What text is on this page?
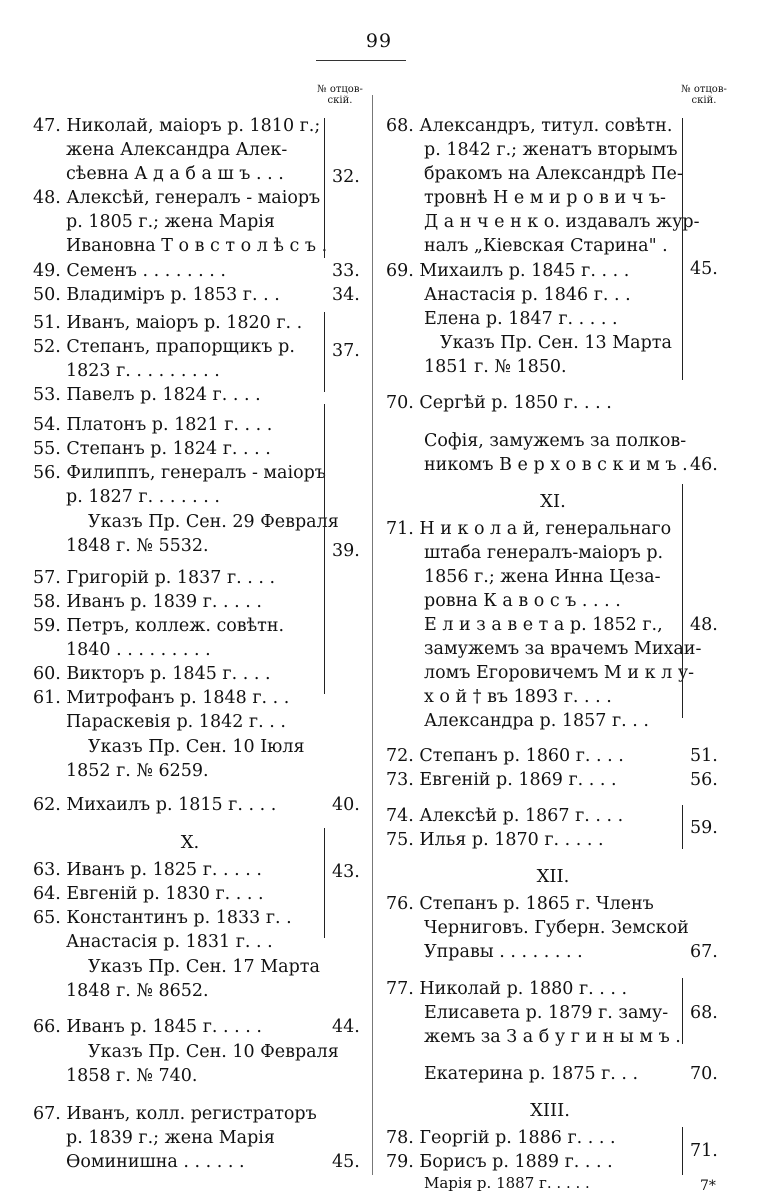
99
№ отцов-
скій.
№ отцов-
скій.
47. Николай, маіоръ р. 1810 г.;
жена Александра Алек-
сѣевна А д а б а ш ъ . . .
48. Алексѣй, генералъ - маіоръ
р. 1805 г.; жена Марія
Ивановна Т о в с т о л ѣ с ъ .
49. Семенъ . . . . . . . .
50. Владиміръ р. 1853 г. . .
51. Иванъ, маіоръ р. 1820 г. .
52. Степанъ, прапорщикъ р.
1823 г. . . . . . . . .
53. Павелъ р. 1824 г. . . .
54. Платонъ р. 1821 г. . . .
55. Степанъ р. 1824 г. . . .
56. Филиппъ, генералъ - маіоръ
р. 1827 г. . . . . . .
Указъ Пр. Сен. 29 Февраля
1848 г. № 5532.
57. Григорій р. 1837 г. . . .
58. Иванъ р. 1839 г. . . . .
59. Петръ, коллеж. совѣтн.
1840 . . . . . . . . .
60. Викторъ р. 1845 г. . . .
61. Митрофанъ р. 1848 г. . .
Параскевія р. 1842 г. . .
Указъ Пр. Сен. 10 Іюля
1852 г. № 6259.
62. Михаилъ р. 1815 г. . . .
X.
63. Иванъ р. 1825 г. . . . .
64. Евгеній р. 1830 г. . . .
65. Константинъ р. 1833 г. .
Анастасія р. 1831 г. . .
Указъ Пр. Сен. 17 Марта
1848 г. № 8652.
66. Иванъ р. 1845 г. . . . .
Указъ Пр. Сен. 10 Февраля
1858 г. № 740.
67. Иванъ, колл. регистраторъ
р. 1839 г.; жена Марія
Ѳоминишна . . . . . .
32.
33.
34.
37.
39.
40.
43.
44.
45.
68. Александръ, титул. совѣтн.
р. 1842 г.; женатъ вторымъ
бракомъ на Александрѣ Пе-
тровнѣ Н е м и р о в и ч ъ-
Д а н ч е н к о. издавалъ жур-
налъ „Кіевская Старина" .
69. Михаилъ р. 1845 г. . . .
Анастасія р. 1846 г. . .
Елена р. 1847 г. . . . .
Указъ Пр. Сен. 13 Марта
1851 г. № 1850.
70. Сергѣй р. 1850 г. . . .
Софія, замужемъ за полков-
никомъ В е р х о в с к и м ъ .
XI.
71. Н и к о л а й, генеральнаго
штаба генералъ-маіоръ р.
1856 г.; жена Инна Цеза-
ровна К а в о с ъ . . . .
Е л и з а в е т а р. 1852 г.,
замужемъ за врачемъ Михаи-
ломъ Егоровичемъ М и к л у-
х о й † въ 1893 г. . . .
Александра р. 1857 г. . .
72. Степанъ р. 1860 г. . . .
73. Евгеній р. 1869 г. . . .
74. Алексѣй р. 1867 г. . . .
75. Илья р. 1870 г. . . . .
XII.
76. Степанъ р. 1865 г. Членъ
Черниговъ. Губерн. Земской
Управы . . . . . . . .
77. Николай р. 1880 г. . . .
Елисавета р. 1879 г. заму-
жемъ за З а б у г и н ы м ъ .
Екатерина р. 1875 г. . .
XIII.
78. Георгій р. 1886 г. . . .
79. Борисъ р. 1889 г. . . .
45.
46.
48.
51.
56.
59.
67.
68.
70.
71.
Марія р. 1887 г. . . . .	7*
